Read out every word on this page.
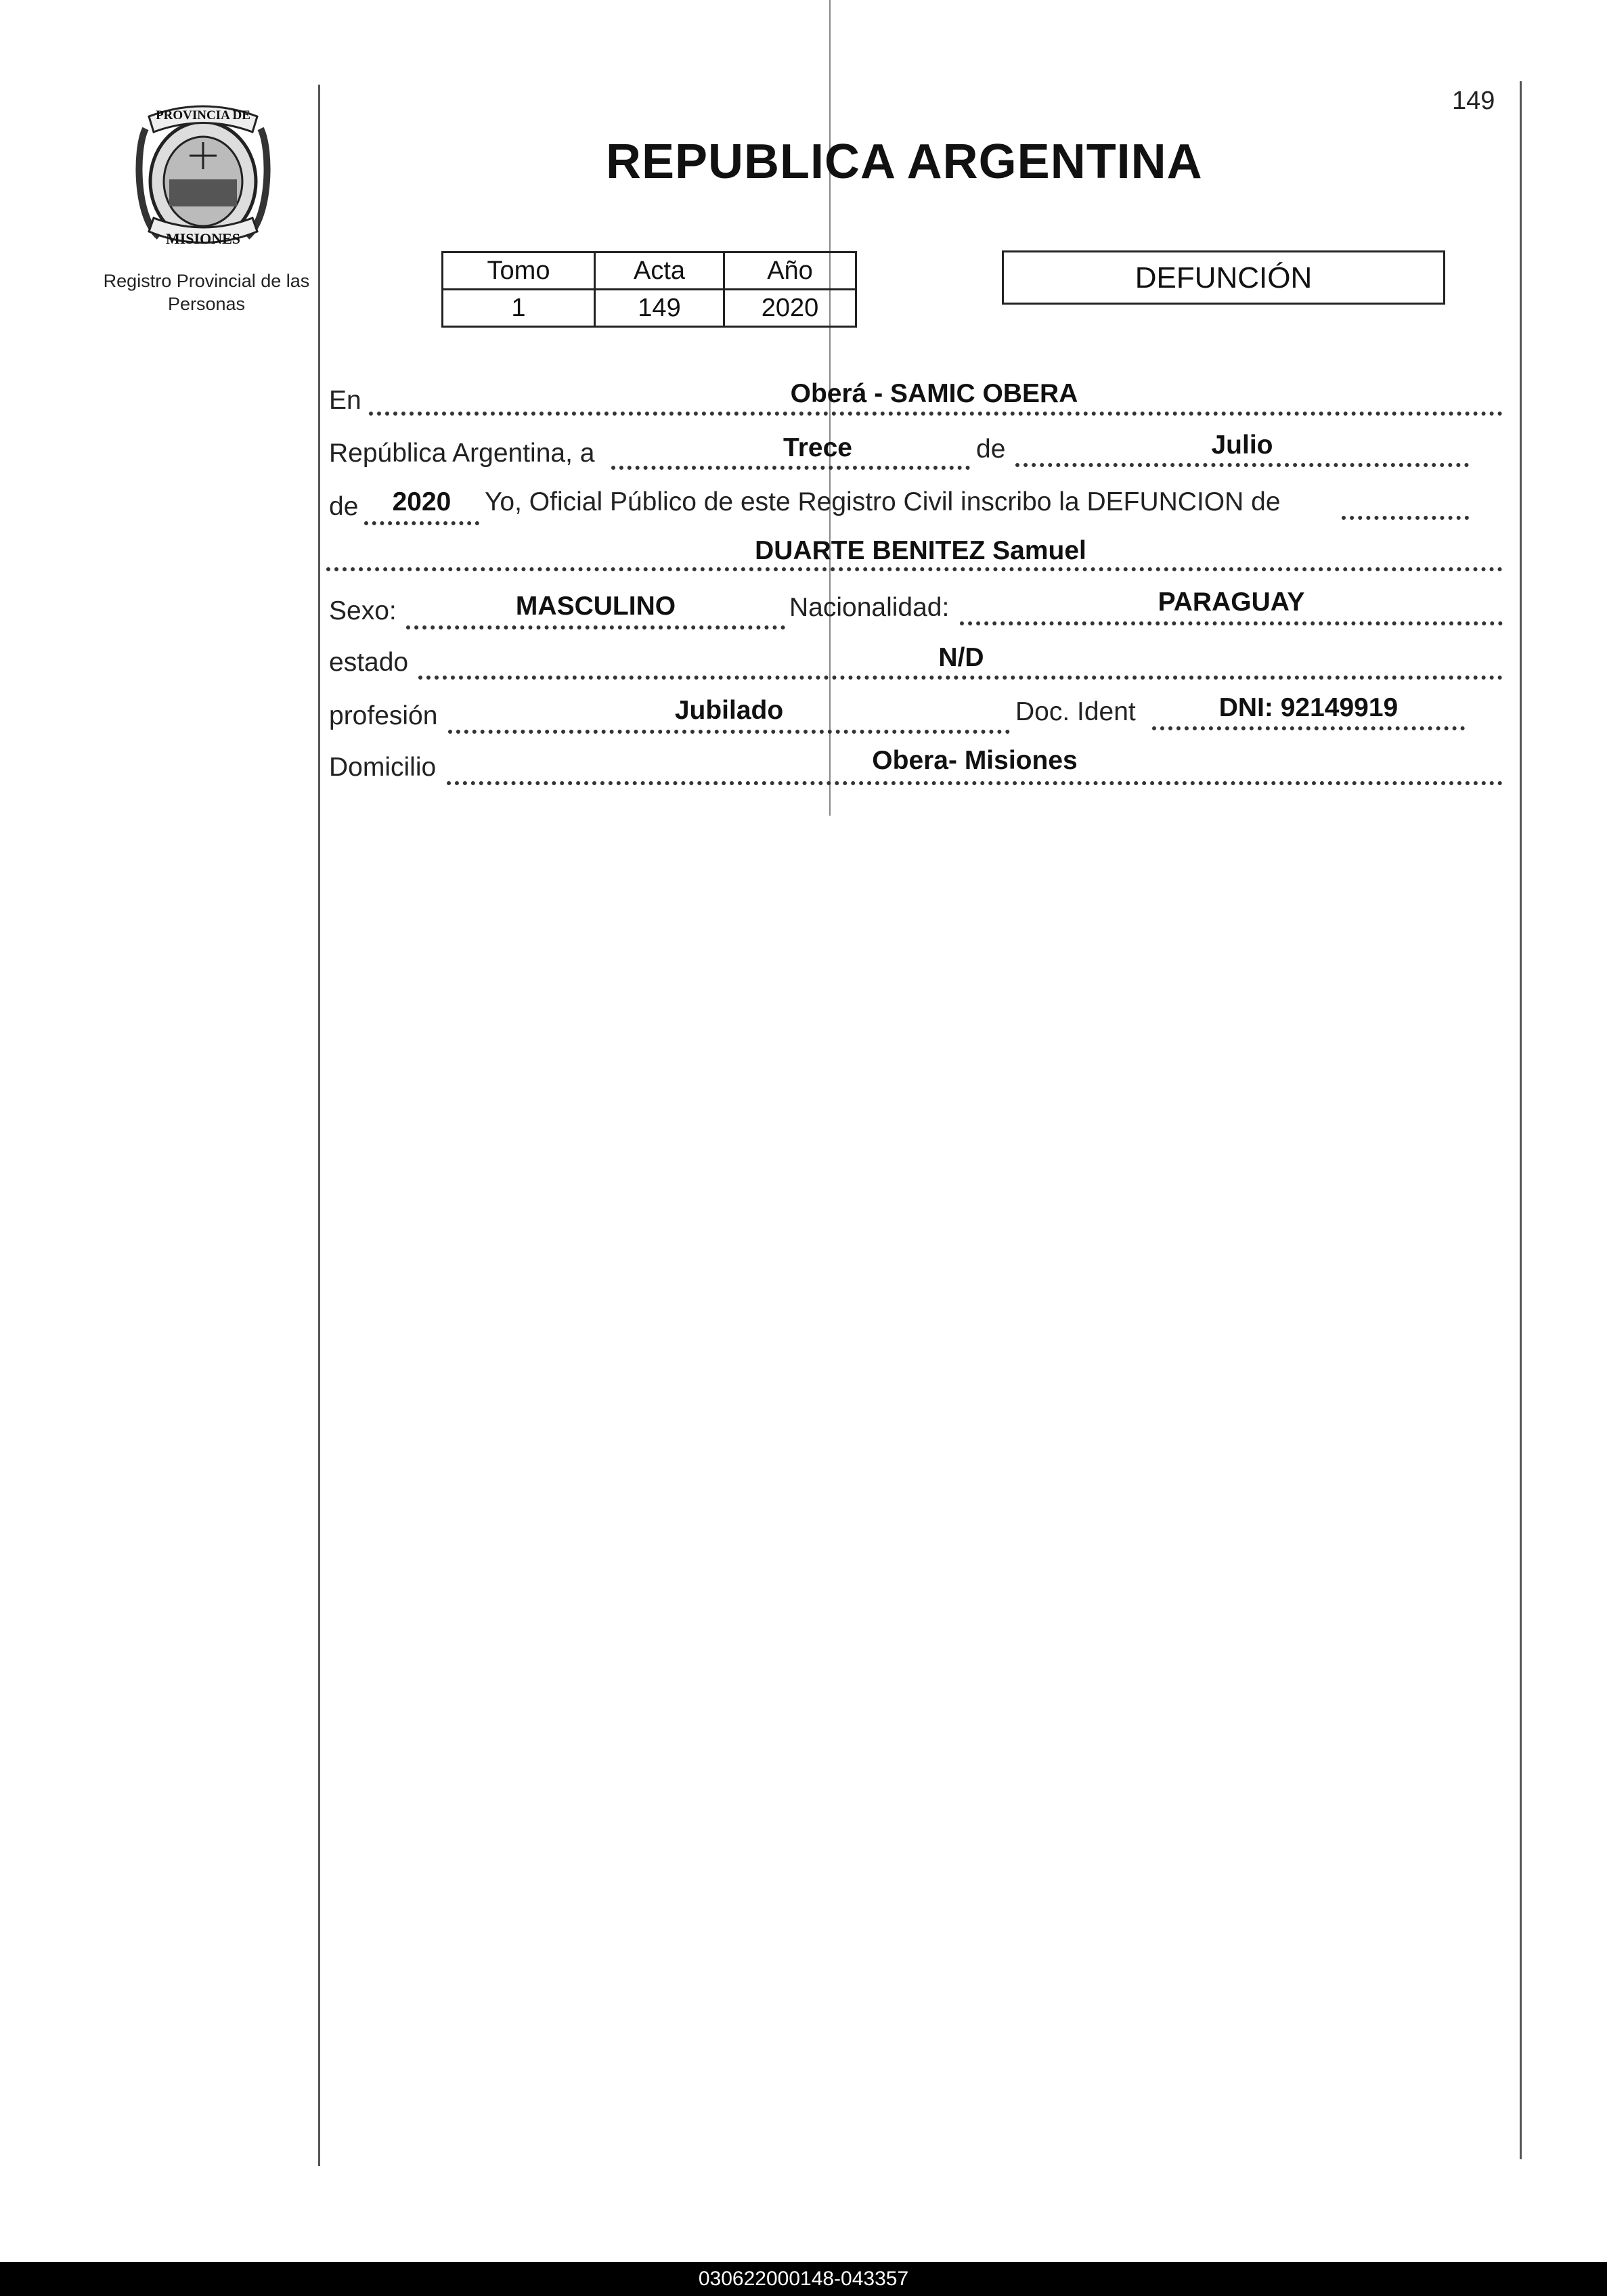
PROVINCIA DE
MISIONES
Registro Provincial de las Personas
149
REPUBLICA ARGENTINA
Tomo	Acta	Año
1	149	2020
DEFUNCIÓN
En	Oberá - SAMIC OBERA
República Argentina, a	Trece	de	Julio
de	2020	Yo, Oficial Público de este Registro Civil inscribo la DEFUNCION de
DUARTE BENITEZ Samuel
Sexo:	MASCULINO	Nacionalidad:	PARAGUAY
estado	N/D
profesión	Jubilado	Doc. Ident	DNI: 92149919
Domicilio	Obera- Misiones
030622000148-043357
